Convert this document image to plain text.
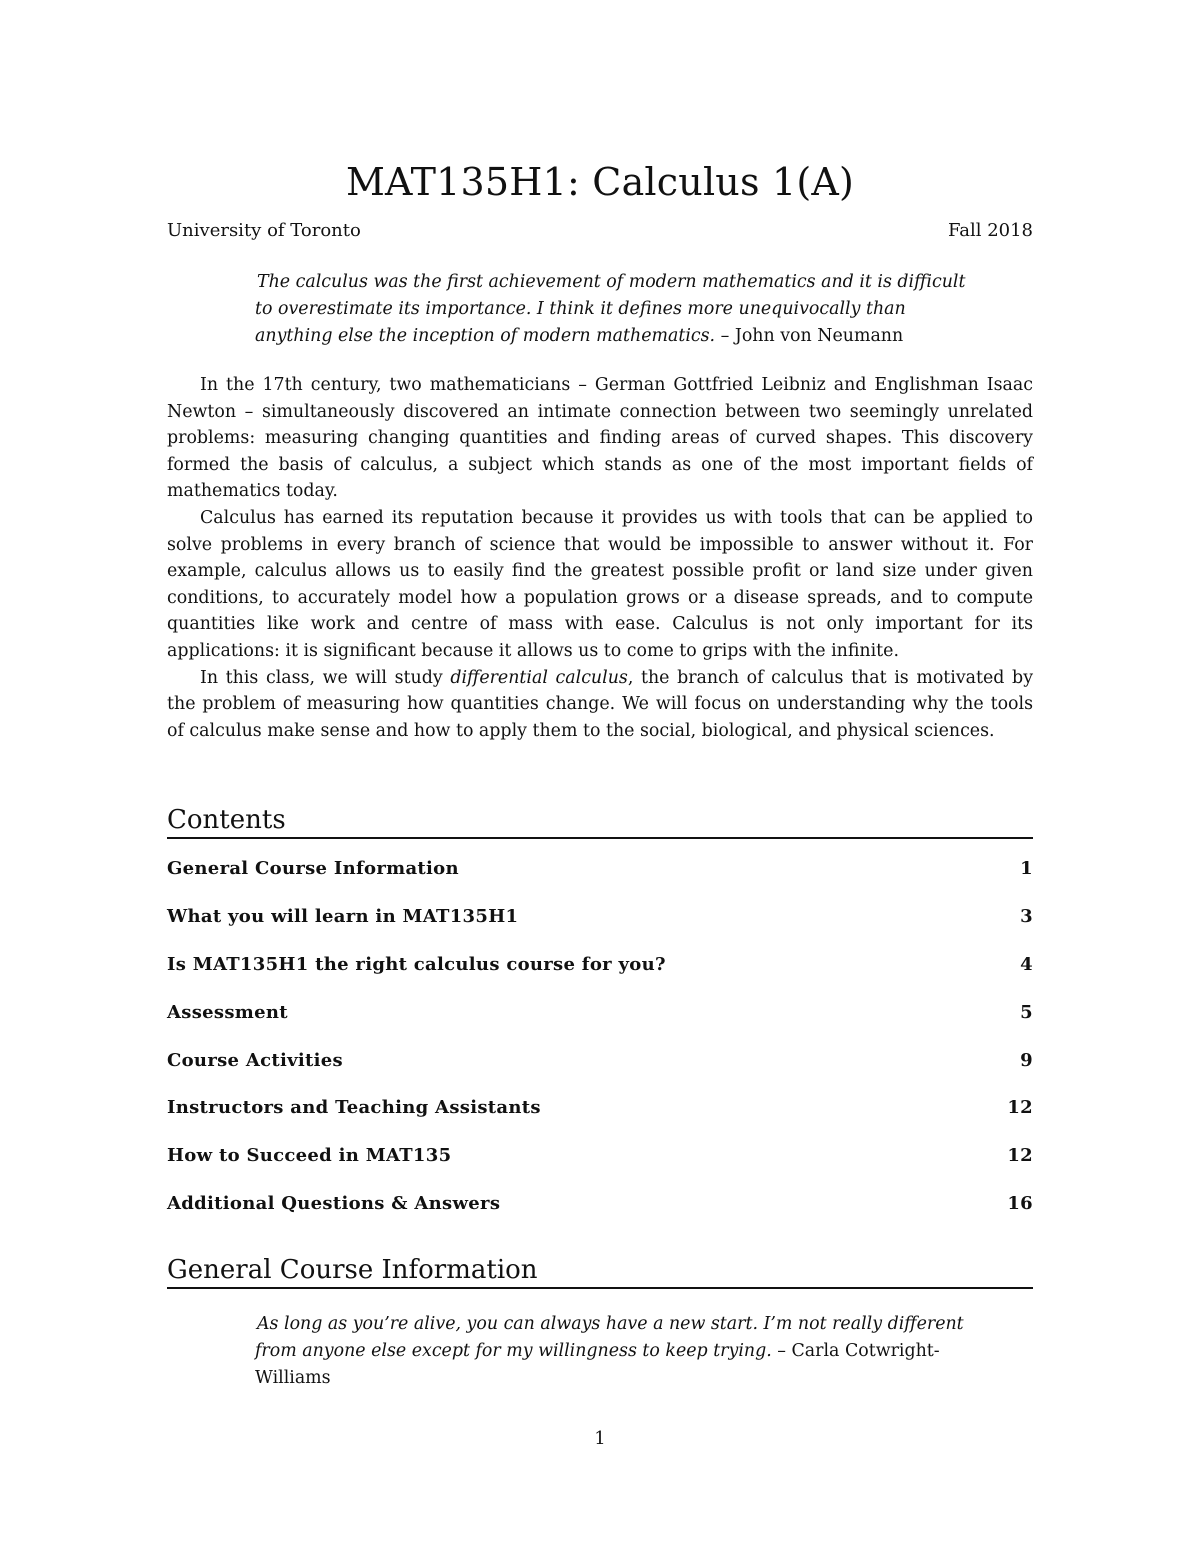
MAT135H1: Calculus 1(A)
University of Toronto	Fall 2018
The calculus was the first achievement of modern mathematics and it is difficult to overestimate its importance. I think it defines more unequivocally than anything else the inception of modern mathematics. – John von Neumann

In the 17th century, two mathematicians – German Gottfried Leibniz and Englishman Isaac Newton – simultaneously discovered an intimate connection between two seemingly unrelated problems: measuring changing quantities and finding areas of curved shapes. This discovery formed the basis of calculus, a subject which stands as one of the most important fields of mathematics today.

Calculus has earned its reputation because it provides us with tools that can be applied to solve problems in every branch of science that would be impossible to answer without it. For example, calculus allows us to easily find the greatest possible profit or land size under given conditions, to accurately model how a population grows or a disease spreads, and to compute quantities like work and centre of mass with ease. Calculus is not only important for its applications: it is significant because it allows us to come to grips with the infinite.

In this class, we will study differential calculus, the branch of calculus that is motivated by the problem of measuring how quantities change. We will focus on understanding why the tools of calculus make sense and how to apply them to the social, biological, and physical sciences.

Contents
General Course Information	1
What you will learn in MAT135H1	3
Is MAT135H1 the right calculus course for you?	4
Assessment	5
Course Activities	9
Instructors and Teaching Assistants	12
How to Succeed in MAT135	12
Additional Questions & Answers	16
General Course Information
As long as you’re alive, you can always have a new start. I’m not really different from anyone else except for my willingness to keep trying. – Carla Cotwright-Williams
1
